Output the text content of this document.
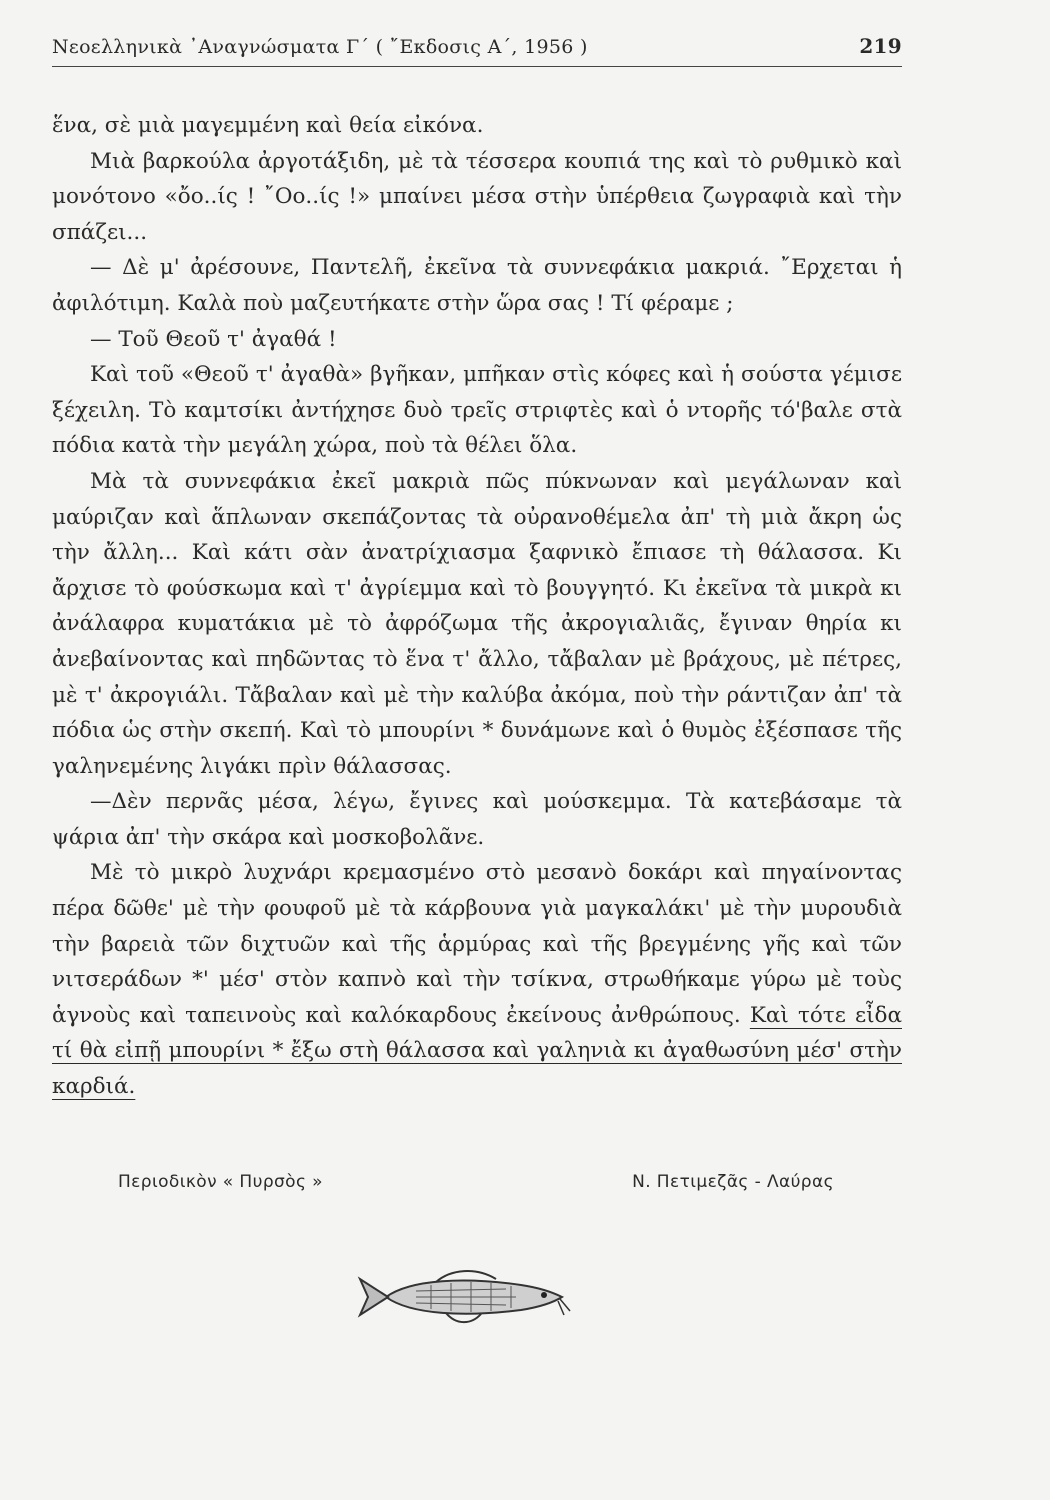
Νεοελληνικὰ ᾿Αναγνώσματα Γ΄ ( ῎Εκδοσις Α΄, 1956 )	219

ἕνα, σὲ μιὰ μαγεμμένη καὶ θεία εἰκόνα.

Μιὰ βαρκούλα ἀργοτάξιδη, μὲ τὰ τέσσερα κουπιά της καὶ τὸ ρυθμικὸ καὶ μονότονο «ὄο..ίς ! ῎Οο..ίς !» μπαίνει μέσα στὴν ὑπέρθεια ζωγραφιὰ καὶ τὴν σπάζει...

— Δὲ μ' ἀρέσουνε, Παντελῆ, ἐκεῖνα τὰ συννεφάκια μακριά. ῎Ερχεται ἡ ἀφιλότιμη. Καλὰ ποὺ μαζευτήκατε στὴν ὥρα σας ! Τί φέραμε ;

— Τοῦ Θεοῦ τ' ἀγαθά !

Καὶ τοῦ «Θεοῦ τ' ἀγαθὰ» βγῆκαν, μπῆκαν στὶς κόφες καὶ ἡ σούστα γέμισε ξέχειλη. Τὸ καμτσίκι ἀντήχησε δυὸ τρεῖς στριφτὲς καὶ ὁ ντορῆς τό'βαλε στὰ πόδια κατὰ τὴν μεγάλη χώρα, ποὺ τὰ θέλει ὅλα.

Μὰ τὰ συννεφάκια ἐκεῖ μακριὰ πῶς πύκνωναν καὶ μεγάλωναν καὶ μαύριζαν καὶ ἅπλωναν σκεπάζοντας τὰ οὐρανοθέμελα ἀπ' τὴ μιὰ ἄκρη ὡς τὴν ἄλλη... Καὶ κάτι σὰν ἀνατρίχιασμα ξαφνικὸ ἔπιασε τὴ θάλασσα. Κι ἄρχισε τὸ φούσκωμα καὶ τ' ἀγρίεμμα καὶ τὸ βουγγητό. Κι ἐκεῖνα τὰ μικρὰ κι ἀνάλαφρα κυματάκια μὲ τὸ ἀφρόζωμα τῆς ἀκρογιαλιᾶς, ἔγιναν θηρία κι ἀνεβαίνοντας καὶ πηδῶντας τὸ ἕνα τ' ἄλλο, τἄβαλαν μὲ βράχους, μὲ πέτρες, μὲ τ' ἀκρογιάλι. Τἄβαλαν καὶ μὲ τὴν καλύβα ἀκόμα, ποὺ τὴν ράντιζαν ἀπ' τὰ πόδια ὡς στὴν σκεπή. Καὶ τὸ μπουρίνι * δυνάμωνε καὶ ὁ θυμὸς ἐξέσπασε τῆς γαληνεμένης λιγάκι πρὶν θάλασσας.

—Δὲν περνᾶς μέσα, λέγω, ἔγινες καὶ μούσκεμμα. Τὰ κατεβάσαμε τὰ ψάρια ἀπ' τὴν σκάρα καὶ μοσκοβολᾶνε.

Μὲ τὸ μικρὸ λυχνάρι κρεμασμένο στὸ μεσανὸ δοκάρι καὶ πηγαίνοντας πέρα δῶθε' μὲ τὴν φουφοῦ μὲ τὰ κάρβουνα γιὰ μαγκαλάκι' μὲ τὴν μυρουδιὰ τὴν βαρειὰ τῶν διχτυῶν καὶ τῆς ἁρμύρας καὶ τῆς βρεγμένης γῆς καὶ τῶν νιτσεράδων *' μέσ' στὸν καπνὸ καὶ τὴν τσίκνα, στρωθήκαμε γύρω μὲ τοὺς ἁγνοὺς καὶ ταπεινοὺς καὶ καλόκαρδους ἐκείνους ἀνθρώπους. Καὶ τότε εἶδα τί θὰ εἰπῇ μπουρίνι * ἔξω στὴ θάλασσα καὶ γαληνιὰ κι ἀγαθωσύνη μέσ' στὴν καρδιά.

Περιοδικὸν « Πυρσὸς »	Ν. Πετιμεζᾶς - Λαύρας
